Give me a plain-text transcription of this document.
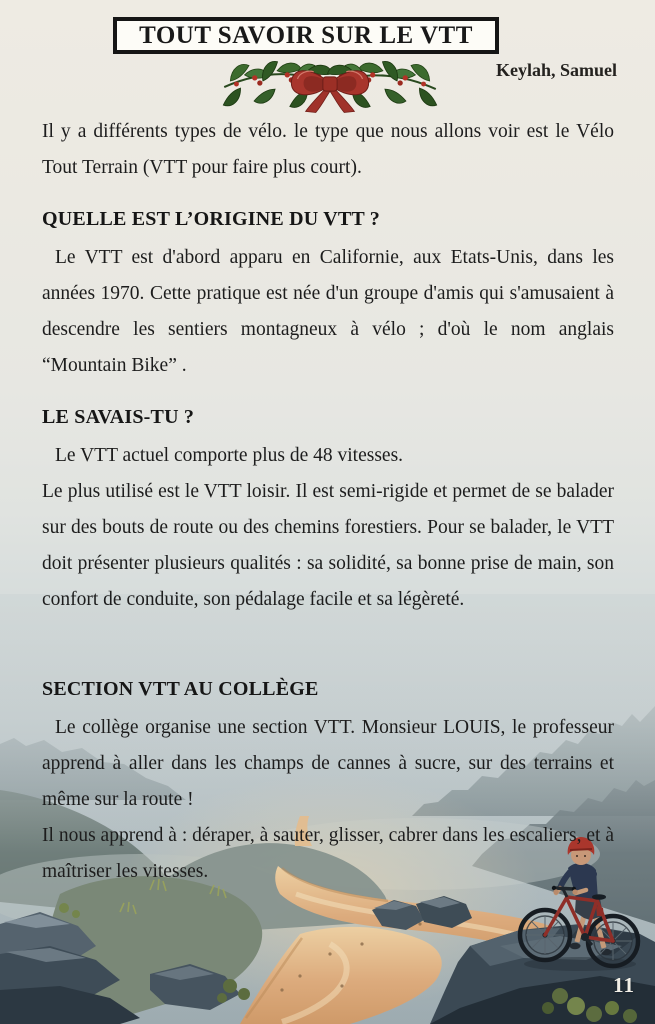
TOUT SAVOIR SUR LE VTT
Keylah, Samuel

Il y a différents types de vélo. le type que nous allons voir est le Vélo Tout Terrain (VTT pour faire plus court).

QUELLE EST L’ORIGINE DU VTT ?

Le VTT est d'abord apparu en Californie, aux Etats-Unis, dans les années 1970. Cette pratique est née d'un groupe d'amis qui s'amusaient à descendre les sentiers montagneux à vélo ; d'où le nom anglais “Mountain Bike” .

LE SAVAIS-TU ?

Le VTT actuel comporte plus de 48 vitesses.

Le plus utilisé est le VTT loisir. Il est semi-rigide et permet de se balader sur des bouts de route ou des chemins forestiers. Pour se balader, le VTT doit présenter plusieurs qualités : sa solidité, sa bonne prise de main, son confort de conduite, son pédalage facile et sa légèreté.

SECTION VTT AU COLLÈGE

Le collège organise une section VTT. Monsieur LOUIS, le professeur apprend à aller dans les champs de cannes à sucre, sur des terrains et même sur la route !

Il nous apprend à : déraper, à sauter, glisser, cabrer dans les escaliers, et à maîtriser les vitesses.

11
